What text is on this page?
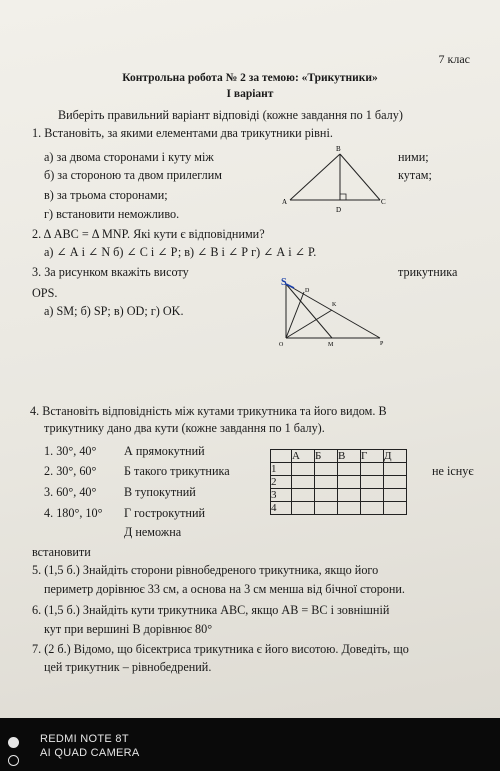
7 клас
Контрольна робота № 2 за темою: «Трикутники»
І варіант
Виберіть правильний варіант відповіді (кожне завдання по 1 балу)
1. Встановіть, за якими елементами два трикутники рівні.
а) за двома сторонами і куту між	ними;
б) за стороною та двом прилеглим	кутам;
в) за трьома сторонами;
г) встановити неможливо.
В
А	С
D
2. Δ АВС = Δ MNP. Які кути є відповідними?
а) ∠ А і ∠ N б) ∠ С і ∠ Р; в) ∠ В і ∠ Р г) ∠ А і ∠ Р.
3. За рисунком вкажіть висоту	трикутника
OPS.
а) SM; б) SP; в) OD; г) OK.
S
D
K
O	M	P
4. Встановіть відповідність між кутами трикутника та його видом. В
трикутнику дано два кути (кожне завдання по 1 балу).
1. 30°, 40° А прямокутний
2. 30°, 60° Б такого трикутника	не існує
3. 60°, 40° В тупокутний
4. 180°, 10° Г гострокутний
Д неможна
встановити
	А	Б	В	Г	Д
1					
2					
3					
4					
5. (1,5 б.) Знайдіть сторони рівнобедреного трикутника, якщо його
периметр дорівнює 33 см, а основа на 3 см менша від бічної сторони.
6. (1,5 б.) Знайдіть кути трикутника АВС, якщо АВ = ВС і зовнішній
кут при вершині В дорівнює 80°
7. (2 б.) Відомо, що бісектриса трикутника є його висотою. Доведіть, що
цей трикутник – рівнобедрений.
REDMI NOTE 8T
AI QUAD CAMERA
